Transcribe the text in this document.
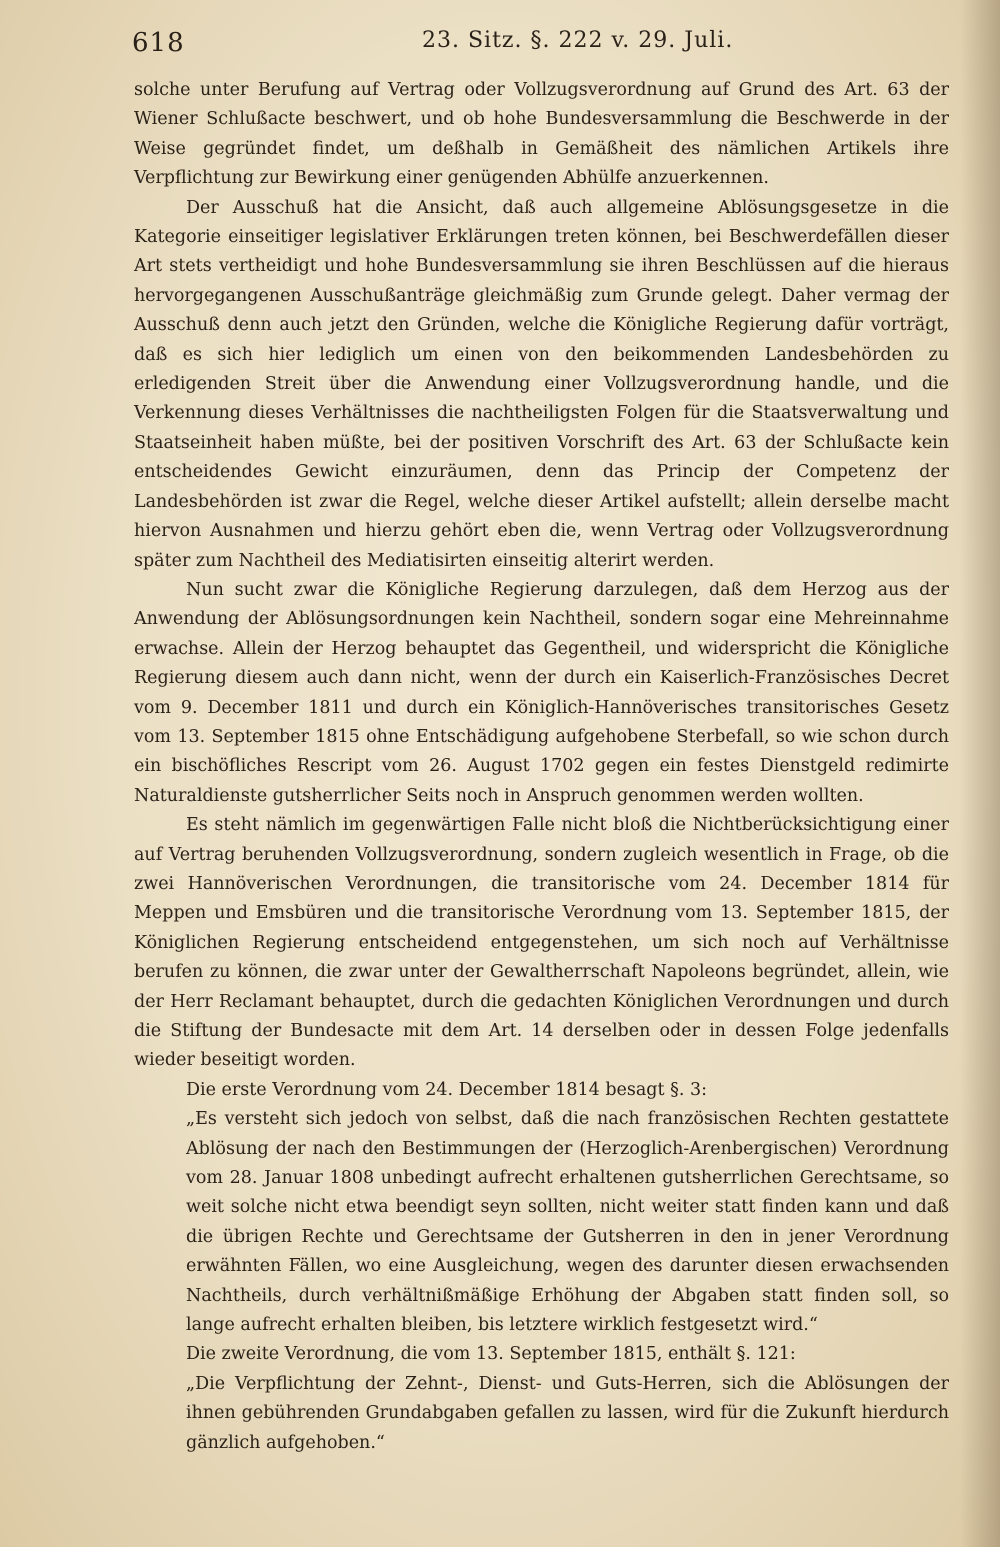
618	23. Sitz. §. 222 v. 29. Juli.

solche unter Berufung auf Vertrag oder Vollzugsverordnung auf Grund des Art. 63 der Wiener Schlußacte beschwert, und ob hohe Bundesversammlung die Beschwerde in der Weise gegründet findet, um deßhalb in Gemäßheit des nämlichen Artikels ihre Verpflichtung zur Bewirkung einer genügenden Abhülfe anzuerkennen.

Der Ausschuß hat die Ansicht, daß auch allgemeine Ablösungsgesetze in die Kategorie einseitiger legislativer Erklärungen treten können, bei Beschwerdefällen dieser Art stets vertheidigt und hohe Bundesversammlung sie ihren Beschlüssen auf die hieraus hervorgegangenen Ausschußanträge gleichmäßig zum Grunde gelegt. Daher vermag der Ausschuß denn auch jetzt den Gründen, welche die Königliche Regierung dafür vorträgt, daß es sich hier lediglich um einen von den beikommenden Landesbehörden zu erledigenden Streit über die Anwendung einer Vollzugsverordnung handle, und die Verkennung dieses Verhältnisses die nachtheiligsten Folgen für die Staatsverwaltung und Staatseinheit haben müßte, bei der positiven Vorschrift des Art. 63 der Schlußacte kein entscheidendes Gewicht einzuräumen, denn das Princip der Competenz der Landesbehörden ist zwar die Regel, welche dieser Artikel aufstellt; allein derselbe macht hiervon Ausnahmen und hierzu gehört eben die, wenn Vertrag oder Vollzugsverordnung später zum Nachtheil des Mediatisirten einseitig alterirt werden.

Nun sucht zwar die Königliche Regierung darzulegen, daß dem Herzog aus der Anwendung der Ablösungsordnungen kein Nachtheil, sondern sogar eine Mehreinnahme erwachse. Allein der Herzog behauptet das Gegentheil, und widerspricht die Königliche Regierung diesem auch dann nicht, wenn der durch ein Kaiserlich-Französisches Decret vom 9. December 1811 und durch ein Königlich-Hannöverisches transitorisches Gesetz vom 13. September 1815 ohne Entschädigung aufgehobene Sterbefall, so wie schon durch ein bischöfliches Rescript vom 26. August 1702 gegen ein festes Dienstgeld redimirte Naturaldienste gutsherrlicher Seits noch in Anspruch genommen werden wollten.

Es steht nämlich im gegenwärtigen Falle nicht bloß die Nichtberücksichtigung einer auf Vertrag beruhenden Vollzugsverordnung, sondern zugleich wesentlich in Frage, ob die zwei Hannöverischen Verordnungen, die transitorische vom 24. December 1814 für Meppen und Emsbüren und die transitorische Verordnung vom 13. September 1815, der Königlichen Regierung entscheidend entgegenstehen, um sich noch auf Verhältnisse berufen zu können, die zwar unter der Gewaltherrschaft Napoleons begründet, allein, wie der Herr Reclamant behauptet, durch die gedachten Königlichen Verordnungen und durch die Stiftung der Bundesacte mit dem Art. 14 derselben oder in dessen Folge jedenfalls wieder beseitigt worden.

Die erste Verordnung vom 24. December 1814 besagt §. 3:

„Es versteht sich jedoch von selbst, daß die nach französischen Rechten gestattete Ablösung der nach den Bestimmungen der (Herzoglich-Arenbergischen) Verordnung vom 28. Januar 1808 unbedingt aufrecht erhaltenen gutsherrlichen Gerechtsame, so weit solche nicht etwa beendigt seyn sollten, nicht weiter statt finden kann und daß die übrigen Rechte und Gerechtsame der Gutsherren in den in jener Verordnung erwähnten Fällen, wo eine Ausgleichung, wegen des darunter diesen erwachsenden Nachtheils, durch verhältnißmäßige Erhöhung der Abgaben statt finden soll, so lange aufrecht erhalten bleiben, bis letztere wirklich festgesetzt wird.“

Die zweite Verordnung, die vom 13. September 1815, enthält §. 121:

„Die Verpflichtung der Zehnt-, Dienst- und Guts-Herren, sich die Ablösungen der ihnen gebührenden Grundabgaben gefallen zu lassen, wird für die Zukunft hierdurch gänzlich aufgehoben.“
